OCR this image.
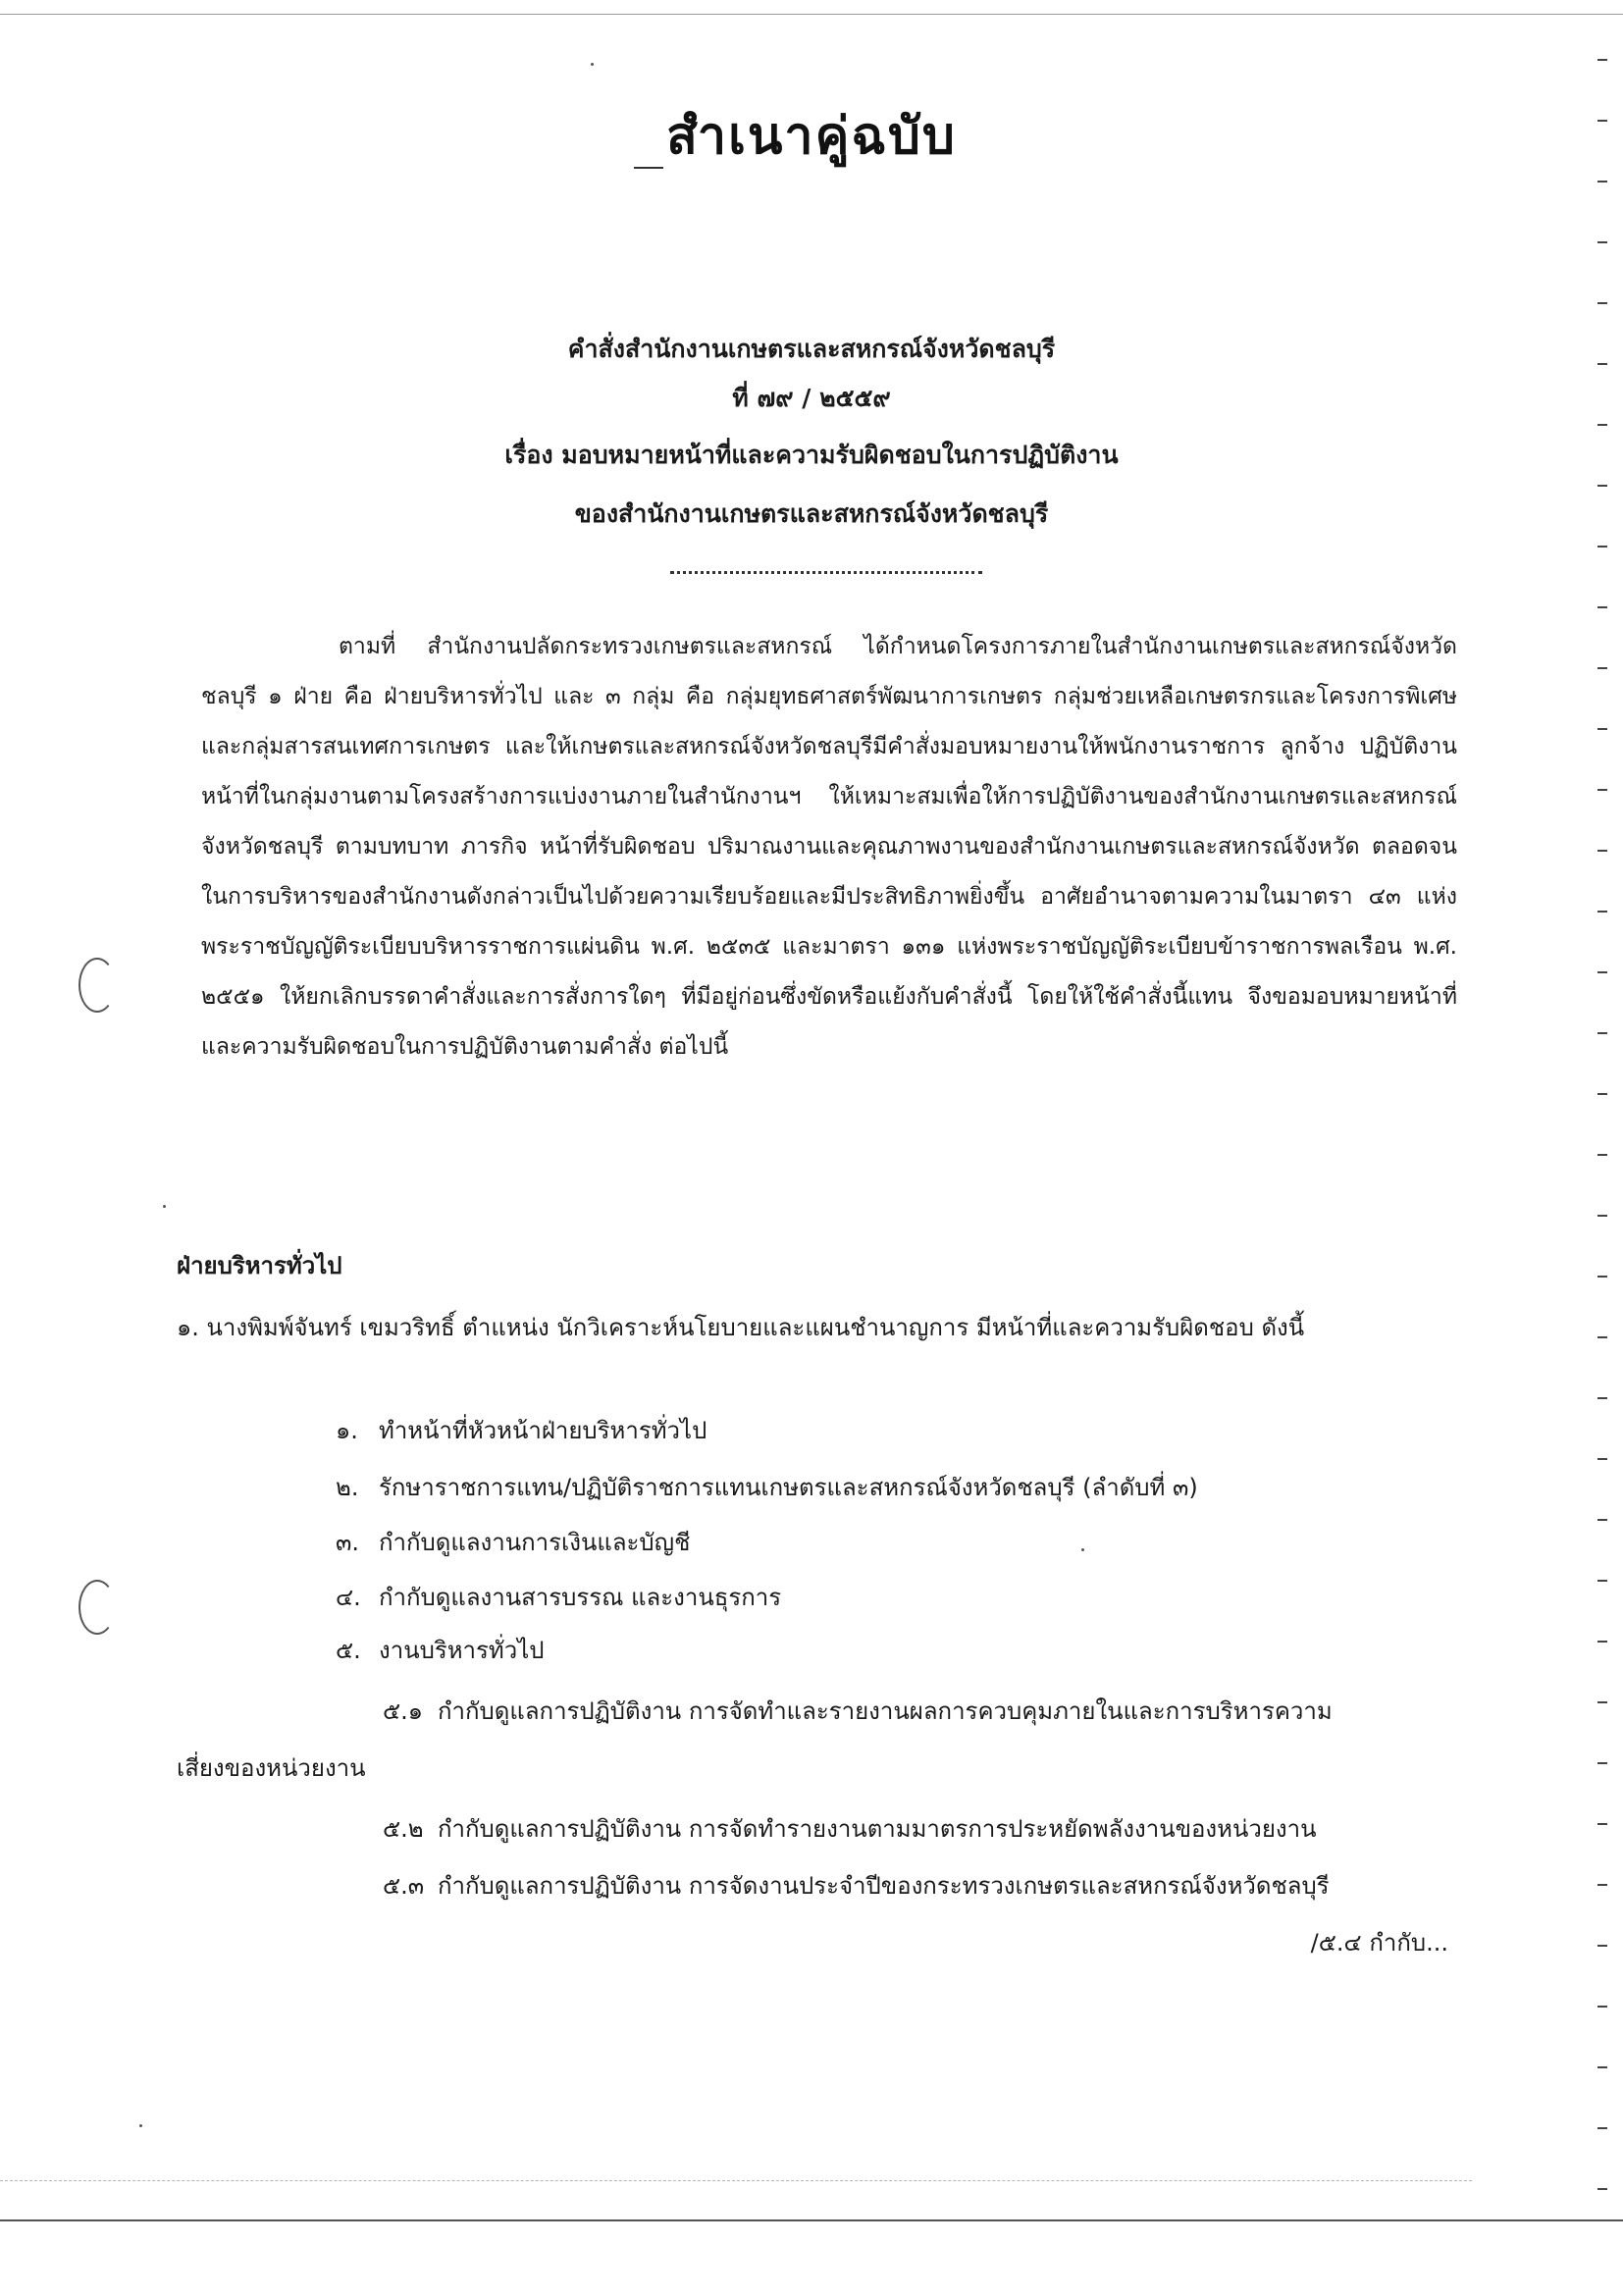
สำเนาคู่ฉบับ
คำสั่งสำนักงานเกษตรและสหกรณ์จังหวัดชลบุรี
ที่ ๗๙ / ๒๕๕๙
เรื่อง มอบหมายหน้าที่และความรับผิดชอบในการปฏิบัติงาน
ของสำนักงานเกษตรและสหกรณ์จังหวัดชลบุรี

ตามที่ สำนักงานปลัดกระทรวงเกษตรและสหกรณ์ ได้กำหนดโครงการภายในสำนักงานเกษตรและสหกรณ์จังหวัดชลบุรี ๑ ฝ่าย คือ ฝ่ายบริหารทั่วไป และ ๓ กลุ่ม คือ กลุ่มยุทธศาสตร์พัฒนาการเกษตร กลุ่มช่วยเหลือเกษตรกรและโครงการพิเศษ และกลุ่มสารสนเทศการเกษตร และให้เกษตรและสหกรณ์จังหวัดชลบุรีมีคำสั่งมอบหมายงานให้พนักงานราชการ ลูกจ้าง ปฏิบัติงานหน้าที่ในกลุ่มงานตามโครงสร้างการแบ่งงานภายในสำนักงานฯ ให้เหมาะสมเพื่อให้การปฏิบัติงานของสำนักงานเกษตรและสหกรณ์จังหวัดชลบุรี ตามบทบาท ภารกิจ หน้าที่รับผิดชอบ ปริมาณงานและคุณภาพงานของสำนักงานเกษตรและสหกรณ์จังหวัด ตลอดจนในการบริหารของสำนักงานดังกล่าวเป็นไปด้วยความเรียบร้อยและมีประสิทธิภาพยิ่งขึ้น อาศัยอำนาจตามความในมาตรา ๔๓ แห่งพระราชบัญญัติระเบียบบริหารราชการแผ่นดิน พ.ศ. ๒๕๓๕ และมาตรา ๑๓๑ แห่งพระราชบัญญัติระเบียบข้าราชการพลเรือน พ.ศ. ๒๕๕๑ ให้ยกเลิกบรรดาคำสั่งและการสั่งการใดๆ ที่มีอยู่ก่อนซึ่งขัดหรือแย้งกับคำสั่งนี้ โดยให้ใช้คำสั่งนี้แทน จึงขอมอบหมายหน้าที่และความรับผิดชอบในการปฏิบัติงานตามคำสั่ง ต่อไปนี้

ฝ่ายบริหารทั่วไป

๑. นางพิมพ์จันทร์ เขมวริทธิ์ ตำแหน่ง นักวิเคราะห์นโยบายและแผนชำนาญการ มีหน้าที่และความรับผิดชอบ ดังนี้

๑. ทำหน้าที่หัวหน้าฝ่ายบริหารทั่วไป
๒. รักษาราชการแทน/ปฏิบัติราชการแทนเกษตรและสหกรณ์จังหวัดชลบุรี (ลำดับที่ ๓)
๓. กำกับดูแลงานการเงินและบัญชี
๔. กำกับดูแลงานสารบรรณ และงานธุรการ
๕. งานบริหารทั่วไป
๕.๑ กำกับดูแลการปฏิบัติงาน การจัดทำและรายงานผลการควบคุมภายในและการบริหารความ
เสี่ยงของหน่วยงาน
๕.๒ กำกับดูแลการปฏิบัติงาน การจัดทำรายงานตามมาตรการประหยัดพลังงานของหน่วยงาน
๕.๓ กำกับดูแลการปฏิบัติงาน การจัดงานประจำปีของกระทรวงเกษตรและสหกรณ์จังหวัดชลบุรี
/๕.๔ กำกับ...
